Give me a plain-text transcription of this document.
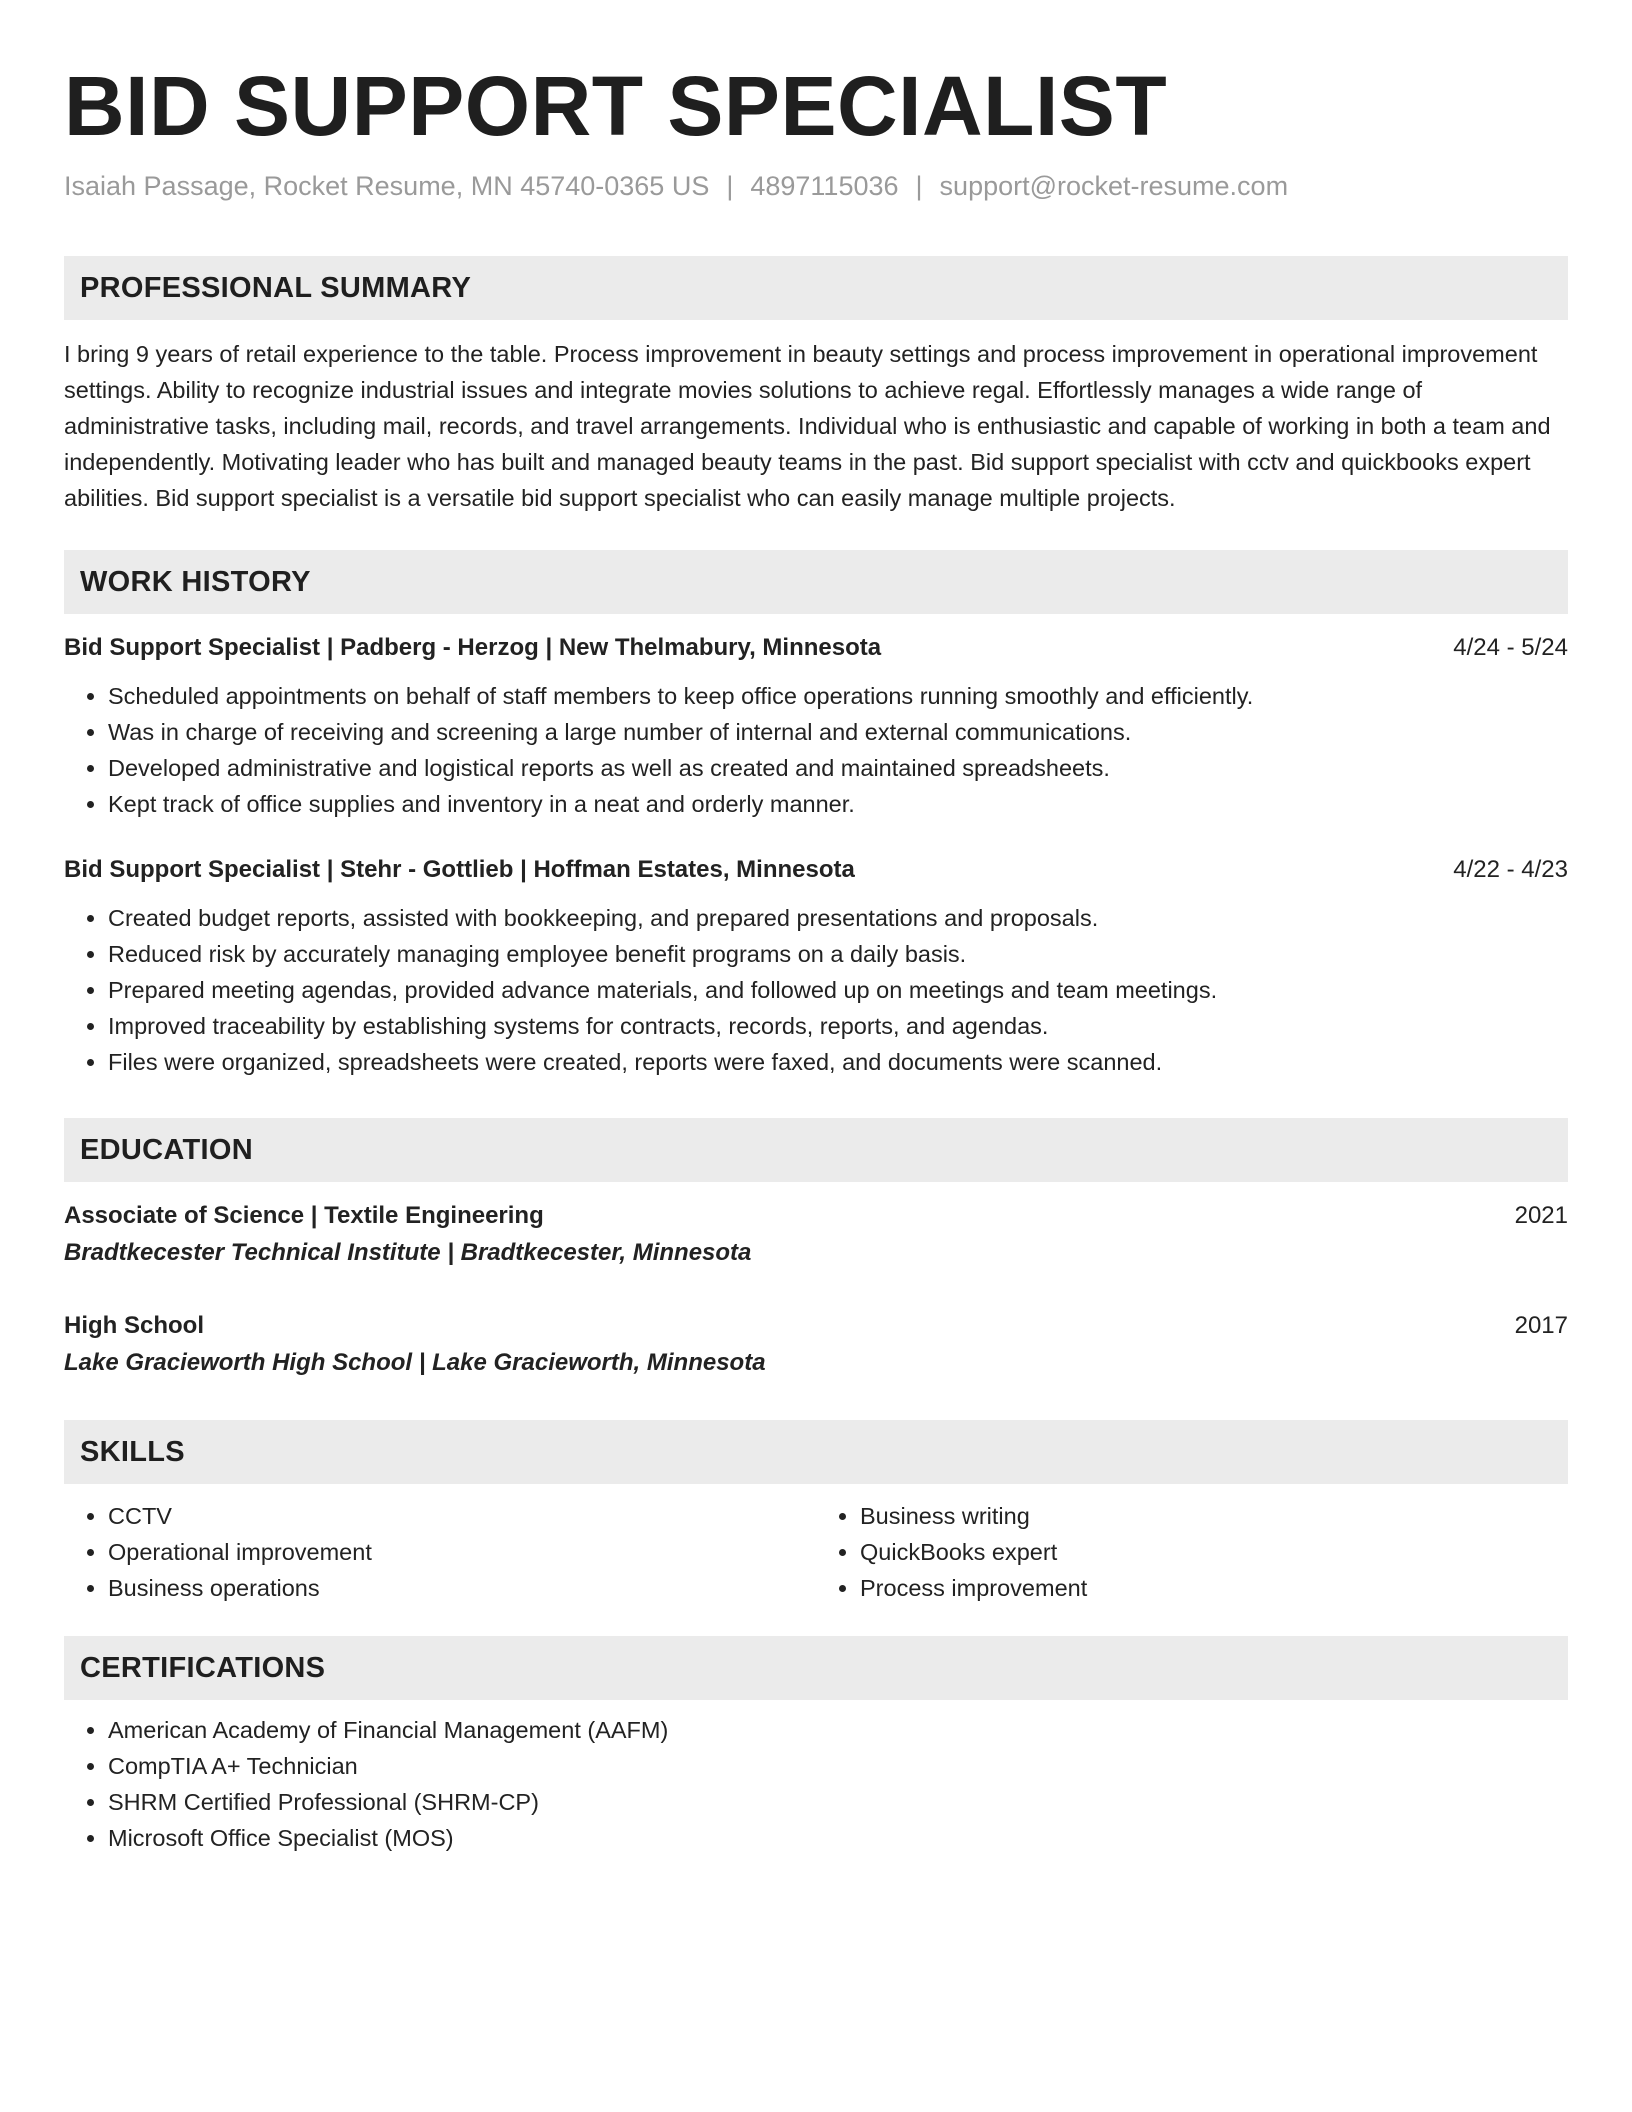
BID SUPPORT SPECIALIST
Isaiah Passage, Rocket Resume, MN 45740-0365 US | 4897115036 | support@rocket-resume.com
PROFESSIONAL SUMMARY
I bring 9 years of retail experience to the table. Process improvement in beauty settings and process improvement in operational improvement settings. Ability to recognize industrial issues and integrate movies solutions to achieve regal. Effortlessly manages a wide range of administrative tasks, including mail, records, and travel arrangements. Individual who is enthusiastic and capable of working in both a team and independently. Motivating leader who has built and managed beauty teams in the past. Bid support specialist with cctv and quickbooks expert abilities. Bid support specialist is a versatile bid support specialist who can easily manage multiple projects.
WORK HISTORY
Bid Support Specialist | Padberg - Herzog | New Thelmabury, Minnesota	4/24 - 5/24
• Scheduled appointments on behalf of staff members to keep office operations running smoothly and efficiently.
• Was in charge of receiving and screening a large number of internal and external communications.
• Developed administrative and logistical reports as well as created and maintained spreadsheets.
• Kept track of office supplies and inventory in a neat and orderly manner.
Bid Support Specialist | Stehr - Gottlieb | Hoffman Estates, Minnesota	4/22 - 4/23
• Created budget reports, assisted with bookkeeping, and prepared presentations and proposals.
• Reduced risk by accurately managing employee benefit programs on a daily basis.
• Prepared meeting agendas, provided advance materials, and followed up on meetings and team meetings.
• Improved traceability by establishing systems for contracts, records, reports, and agendas.
• Files were organized, spreadsheets were created, reports were faxed, and documents were scanned.
EDUCATION
Associate of Science | Textile Engineering	2021
Bradtkecester Technical Institute | Bradtkecester, Minnesota
High School	2017
Lake Gracieworth High School | Lake Gracieworth, Minnesota
SKILLS
• CCTV
• Operational improvement
• Business operations
• Business writing
• QuickBooks expert
• Process improvement
CERTIFICATIONS
• American Academy of Financial Management (AAFM)
• CompTIA A+ Technician
• SHRM Certified Professional (SHRM-CP)
• Microsoft Office Specialist (MOS)
